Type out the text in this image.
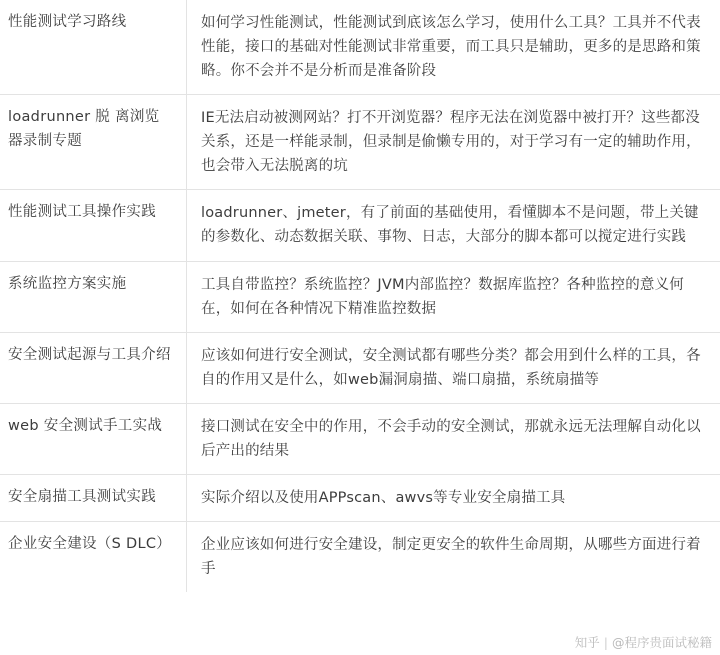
性能测试学习路线	如何学习性能测试，性能测试到底该怎么学习，使用什么工具？工具并不代表性能，接口的基础对性能测试非常重要，而工具只是辅助，更多的是思路和策略。你不会并不是分析而是准备阶段
loadrunner 脱 离浏览器录制专题	IE无法启动被测网站？打不开浏览器？程序无法在浏览器中被打开？这些都没关系，还是一样能录制，但录制是偷懒专用的，对于学习有一定的辅助作用，也会带入无法脱离的坑
性能测试工具操作实践	loadrunner、jmeter，有了前面的基础使用，看懂脚本不是问题，带上关键的参数化、动态数据关联、事物、日志，大部分的脚本都可以搅定进行实践
系统监控方案实施	工具自带监控？系统监控？JVM内部监控？数据库监控？各种监控的意义何在，如何在各种情况下精准监控数据
安全测试起源与工具介绍	应该如何进行安全测试，安全测试都有哪些分类？都会用到什么样的工具，各自的作用又是什么，如web漏洞扇描、端口扇描，系统扇描等
web 安全测试手工实战	接口测试在安全中的作用，不会手动的安全测试，那就永远无法理解自动化以后产出的结果
安全扇描工具测试实践	实际介绍以及使用APPscan、awvs等专业安全扇描工具
企业安全建设（S DLC）	企业应该如何进行安全建设，制定更安全的软件生命周期，从哪些方面进行着手
知乎 | @程序贵面试秘籍
